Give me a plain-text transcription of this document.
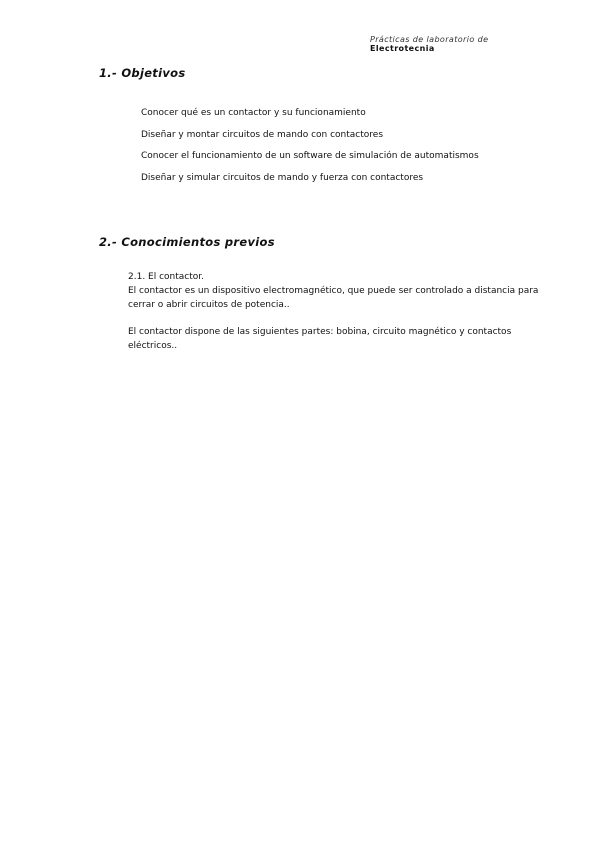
Prácticas de laboratorio de
Electrotecnia
1.- Objetivos
Conocer qué es un contactor y su funcionamiento
Diseñar y montar circuitos de mando con contactores
Conocer el funcionamiento de un software de simulación de automatismos
Diseñar y simular circuitos de mando y fuerza con contactores
2.- Conocimientos previos

2.1. El contactor.

El contactor es un dispositivo electromagnético, que puede ser controlado a distancia para

cerrar o abrir circuitos de potencia..

El contactor dispone de las siguientes partes: bobina, circuito magnético y contactos

eléctricos..
